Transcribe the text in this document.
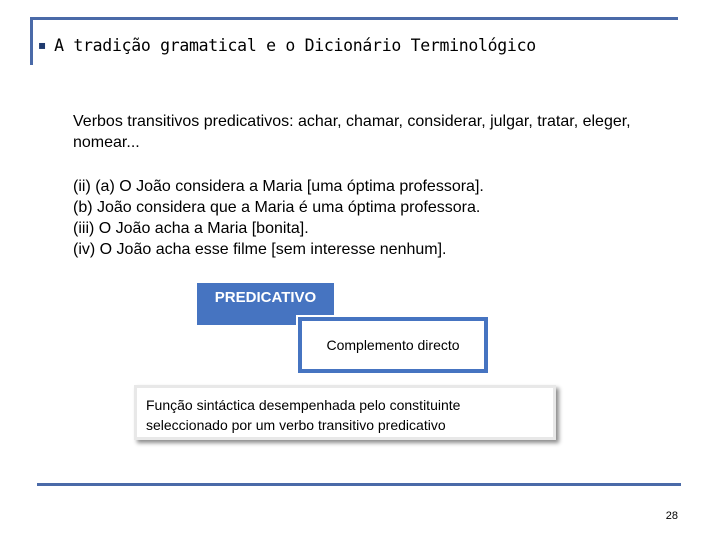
▪ A tradição gramatical e o Dicionário Terminológico
Verbos transitivos predicativos: achar, chamar, considerar, julgar, tratar, eleger, nomear...
(ii) (a) O João considera a Maria [uma óptima professora].
(b) João considera que a Maria é uma óptima professora.
(iii) O João acha a Maria [bonita].
(iv) O João acha esse filme [sem interesse nenhum].
PREDICATIVO
Complemento directo
Função sintáctica desempenhada pelo constituinte
seleccionado por um verbo transitivo predicativo
28
